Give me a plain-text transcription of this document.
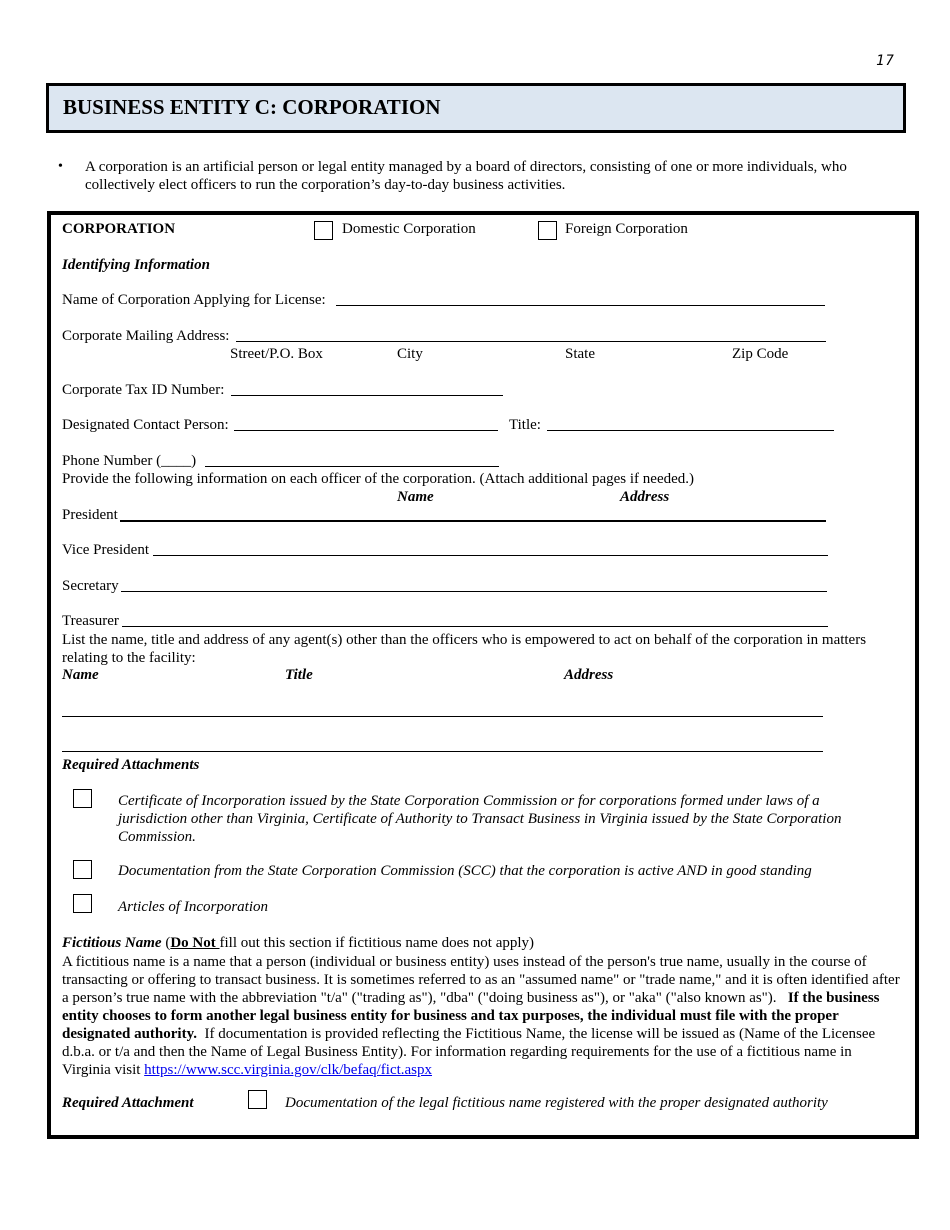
17
BUSINESS ENTITY C: CORPORATION
• A corporation is an artificial person or legal entity managed by a board of directors, consisting of one or more individuals, who collectively elect officers to run the corporation’s day-to-day business activities.
CORPORATION	Domestic Corporation	Foreign Corporation
Identifying Information
Name of Corporation Applying for License:
Corporate Mailing Address:
Street/P.O. Box	City	State	Zip Code
Corporate Tax ID Number:
Designated Contact Person:	Title:
Phone Number (____)
Provide the following information on each officer of the corporation. (Attach additional pages if needed.)
Name	Address
President
Vice President
Secretary
Treasurer
List the name, title and address of any agent(s) other than the officers who is empowered to act on behalf of the corporation in matters relating to the facility:
Name	Title	Address
Required Attachments
Certificate of Incorporation issued by the State Corporation Commission or for corporations formed under laws of a jurisdiction other than Virginia, Certificate of Authority to Transact Business in Virginia issued by the State Corporation Commission.
Documentation from the State Corporation Commission (SCC) that the corporation is active AND in good standing
Articles of Incorporation
Fictitious Name (Do Not fill out this section if fictitious name does not apply)
A fictitious name is a name that a person (individual or business entity) uses instead of the person's true name, usually in the course of transacting or offering to transact business. It is sometimes referred to as an "assumed name" or "trade name," and it is often identified after a person’s true name with the abbreviation "t/a" ("trading as"), "dba" ("doing business as"), or "aka" ("also known as"). If the business entity chooses to form another legal business entity for business and tax purposes, the individual must file with the proper designated authority. If documentation is provided reflecting the Fictitious Name, the license will be issued as (Name of the Licensee d.b.a. or t/a and then the Name of Legal Business Entity). For information regarding requirements for the use of a fictitious name in Virginia visit https://www.scc.virginia.gov/clk/befaq/fict.aspx
Required Attachment	Documentation of the legal fictitious name registered with the proper designated authority
